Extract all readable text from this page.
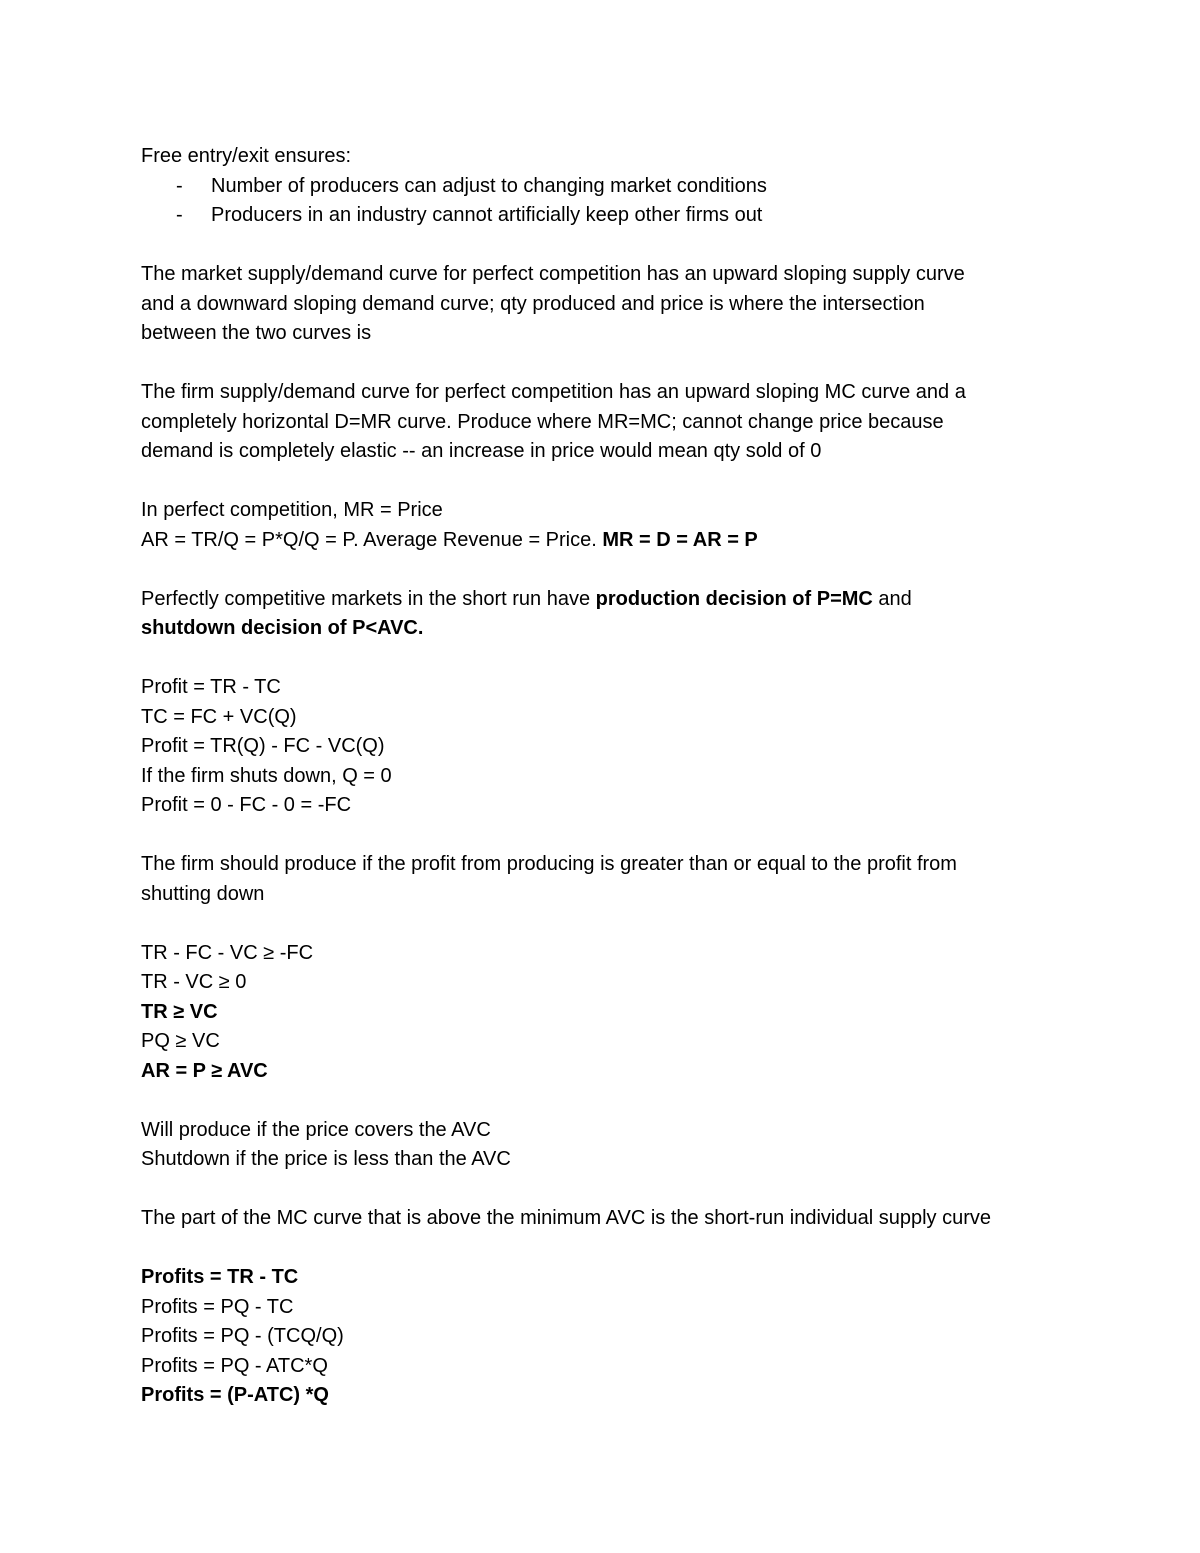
Free entry/exit ensures:
- Number of producers can adjust to changing market conditions
- Producers in an industry cannot artificially keep other firms out
The market supply/demand curve for perfect competition has an upward sloping supply curve
and a downward sloping demand curve; qty produced and price is where the intersection
between the two curves is
The firm supply/demand curve for perfect competition has an upward sloping MC curve and a
completely horizontal D=MR curve. Produce where MR=MC; cannot change price because
demand is completely elastic -- an increase in price would mean qty sold of 0
In perfect competition, MR = Price
AR = TR/Q = P*Q/Q = P. Average Revenue = Price. MR = D = AR = P
Perfectly competitive markets in the short run have production decision of P=MC and
shutdown decision of P<AVC.
Profit = TR - TC
TC = FC + VC(Q)
Profit = TR(Q) - FC - VC(Q)
If the firm shuts down, Q = 0
Profit = 0 - FC - 0 = -FC
The firm should produce if the profit from producing is greater than or equal to the profit from
shutting down
TR - FC - VC ≥ -FC
TR - VC ≥ 0
TR ≥ VC
PQ ≥ VC
AR = P ≥ AVC
Will produce if the price covers the AVC
Shutdown if the price is less than the AVC
The part of the MC curve that is above the minimum AVC is the short-run individual supply curve
Profits = TR - TC
Profits = PQ - TC
Profits = PQ - (TCQ/Q)
Profits = PQ - ATC*Q
Profits = (P-ATC) *Q
